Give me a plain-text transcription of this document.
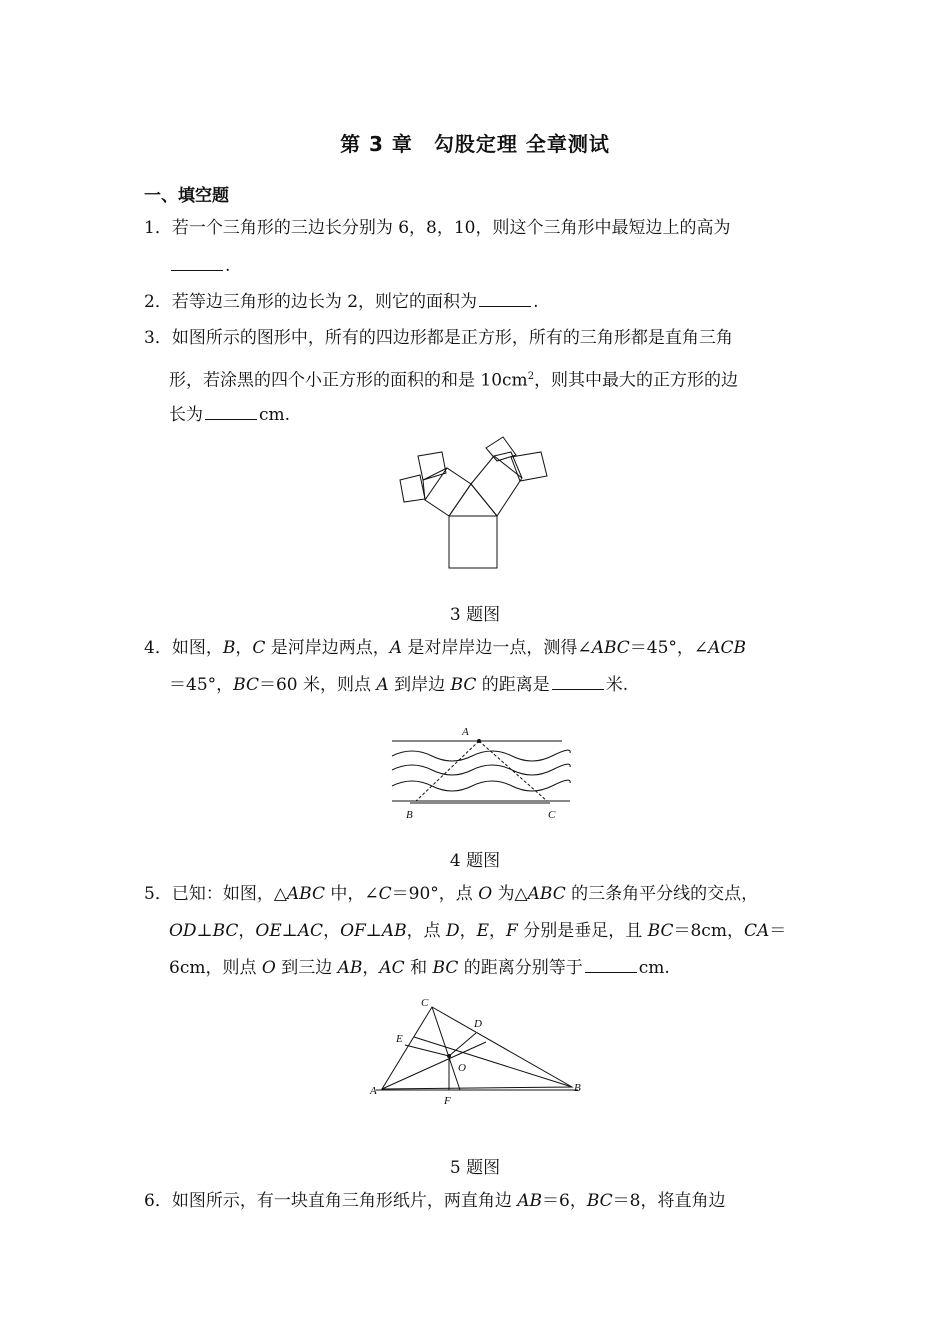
第 3 章　勾股定理 全章测试
一、填空题
1．若一个三角形的三边长分别为 6，8，10，则这个三角形中最短边上的高为
.
2．若等边三角形的边长为 2，则它的面积为	.
3．如图所示的图形中，所有的四边形都是正方形，所有的三角形都是直角三角
形，若涂黑的四个小正方形的面积的和是 $10cm^2$，则其中最大的正方形的边
长为	cm.
3 题图
4．如图，B，C 是河岸边两点，A 是对岸岸边一点，测得∠ABC＝45°，∠ACB
＝45°，BC＝60 米，则点 A 到岸边 BC 的距离是	米.
A
B	C
4 题图
5．已知：如图，△ABC 中，∠C＝90°，点 O 为△ABC 的三条角平分线的交点，
OD⊥BC，OE⊥AC，OF⊥AB，点 D，E，F 分别是垂足，且 BC＝8cm，CA＝
6cm，则点 O 到三边 AB，AC 和 BC 的距离分别等于	cm.
C
D
E
O
A	B
F
5 题图
6．如图所示，有一块直角三角形纸片，两直角边 AB＝6，BC＝8，将直角边
